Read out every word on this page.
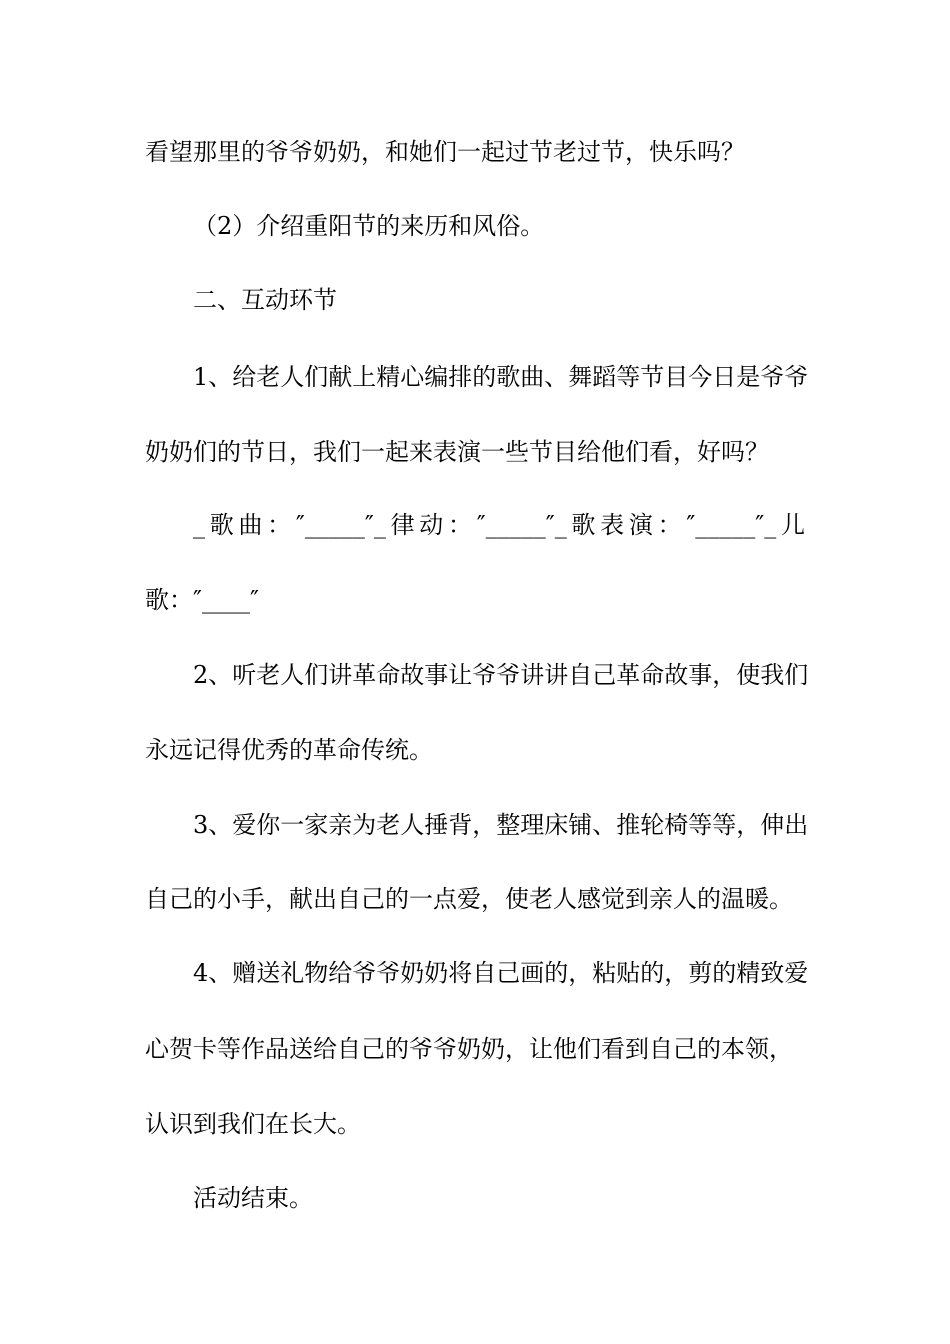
看望那里的爷爷奶奶，和她们一起过节老过节，快乐吗？
（2）介绍重阳节的来历和风俗。
二、互动环节
1、给老人们献上精心编排的歌曲、舞蹈等节目今日是爷爷
奶奶们的节日，我们一起来表演一些节目给他们看，好吗？
_歌曲：″_____″_律动：″_____″_歌表演：″_____″_儿
歌：″____″
2、听老人们讲革命故事让爷爷讲讲自己革命故事，使我们
永远记得优秀的革命传统。
3、爱你一家亲为老人捶背，整理床铺、推轮椅等等，伸出
自己的小手，献出自己的一点爱，使老人感觉到亲人的温暖。
4、赠送礼物给爷爷奶奶将自己画的，粘贴的，剪的精致爱
心贺卡等作品送给自己的爷爷奶奶，让他们看到自己的本领，
认识到我们在长大。
活动结束。
